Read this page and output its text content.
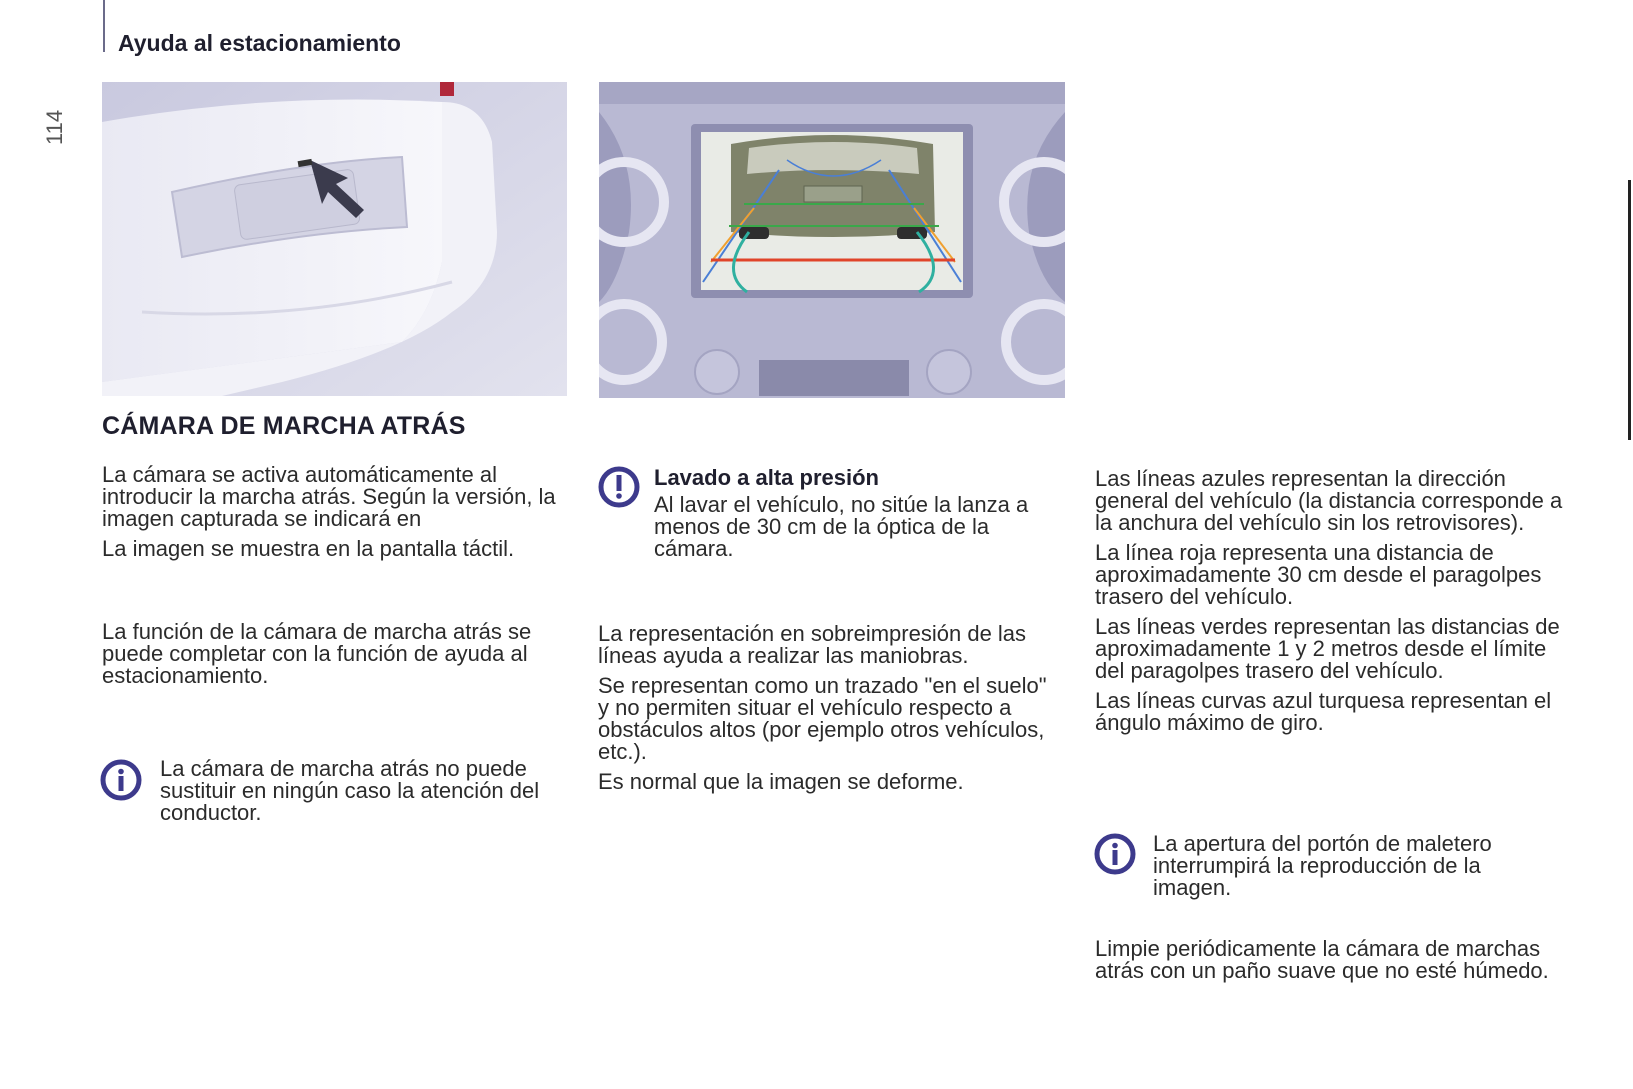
Ayuda al estacionamiento
114
CÁMARA DE MARCHA ATRÁS

La cámara se activa automáticamente al introducir la marcha atrás. Según la versión, la imagen capturada se indicará en

La imagen se muestra en la pantalla táctil.

La función de la cámara de marcha atrás se puede completar con la función de ayuda al estacionamiento.
La cámara de marcha atrás no puede sustituir en ningún caso la atención del conductor.
Lavado a alta presión
Al lavar el vehículo, no sitúe la lanza a menos de 30 cm de la óptica de la cámara.

La representación en sobreimpresión de las líneas ayuda a realizar las maniobras.

Se representan como un trazado "en el suelo" y no permiten situar el vehículo respecto a obstáculos altos (por ejemplo otros vehículos, etc.).

Es normal que la imagen se deforme.

Las líneas azules representan la dirección general del vehículo (la distancia corresponde a la anchura del vehículo sin los retrovisores).

La línea roja representa una distancia de aproximadamente 30 cm desde el paragolpes trasero del vehículo.

Las líneas verdes representan las distancias de aproximadamente 1 y 2 metros desde el límite del paragolpes trasero del vehículo.

Las líneas curvas azul turquesa representan el ángulo máximo de giro.

La apertura del portón de maletero interrumpirá la reproducción de la imagen.
Limpie periódicamente la cámara de marchas atrás con un paño suave que no esté húmedo.
